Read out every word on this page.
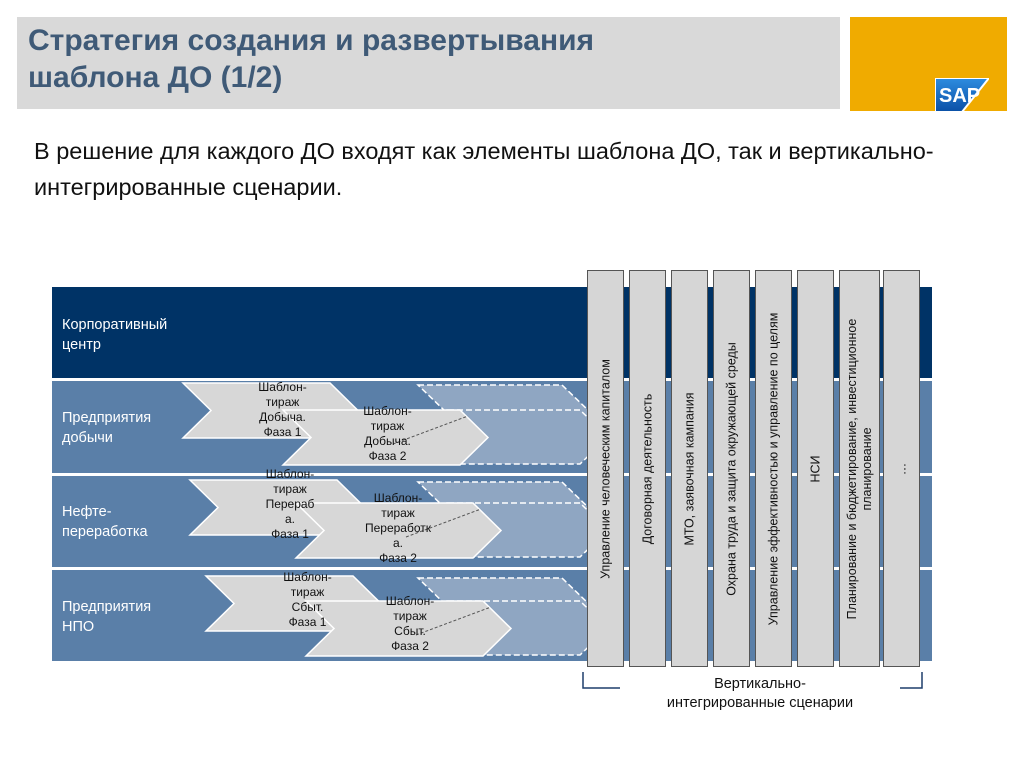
Стратегия создания и развертывания
шаблона ДО (1/2)
SAP
В решение для каждого ДО входят как элементы шаблона ДО, так и вертикально-интегрированные сценарии.
Корпоративный
центр
Предприятия
добычи
Нефте-
переработка
Предприятия
НПО
Шаблон-
тираж
Добыча.
Фаза 1
Шаблон-
тираж
Добыча.
Фаза 2
Шаблон-
тираж
Перераб
а.
Фаза 1
Шаблон-
тираж
Переработк
а.
Фаза 2
Шаблон-
тираж
Сбыт.
Фаза 1
Шаблон-
тираж
Сбыт.
Фаза 2
Управление человеческим капиталом Договорная деятельность МТО, заявочная кампания Охрана труда и защита окружающей среды Управление эффективностью и управление по целям НСИ Планирование и бюджетирование, инвестиционное планирование …
Вертикально-
интегрированные сценарии
